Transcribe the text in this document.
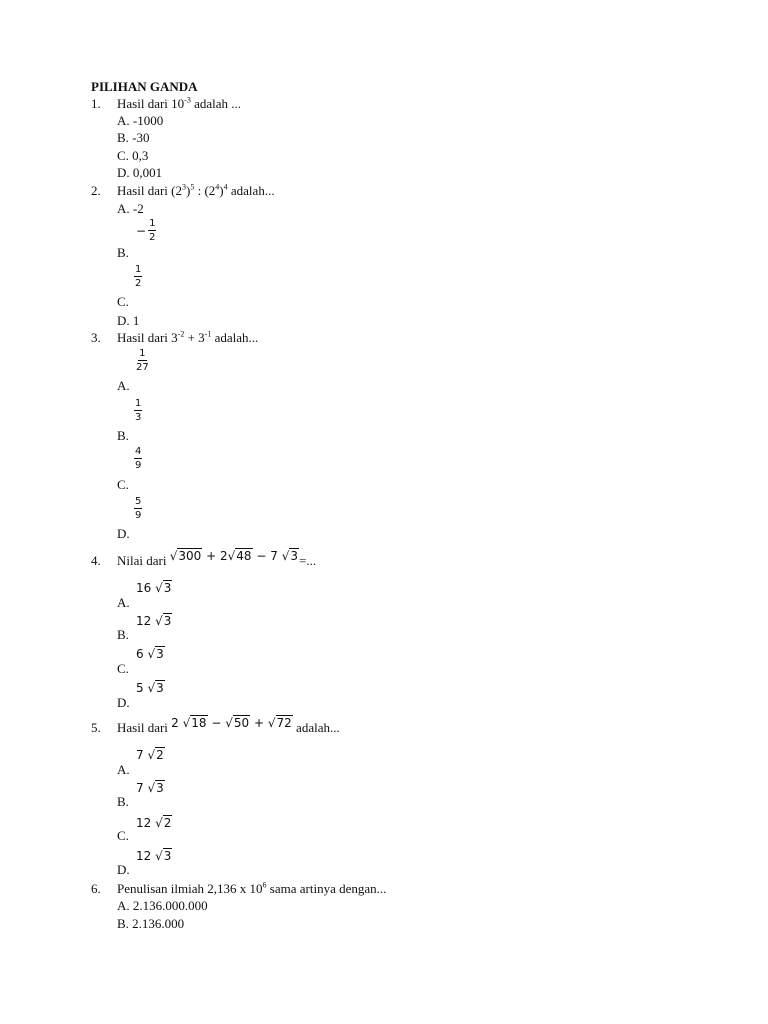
PILIHAN GANDA
1. Hasil dari $10^{-3}$ adalah ...
A. -1000
B. -30
C. 0,3
D. 0,001
2. Hasil dari $(2^3)^5$ : $(2^4)^4$ adalah...
A. -2
− $\frac{1}{2}$
B.
$\frac{1}{2}$
C.
D. 1
3. Hasil dari $3^{-2} + 3^{-1}$ adalah...
$\frac{1}{27}$
A.
$\frac{1}{3}$
B.
$\frac{4}{9}$
C.
$\frac{5}{9}$
D.
4. Nilai dari √300 + 2√48 − 7 √3=...
16 √3
A.
12 √3
B.
6 √3
C.
5 √3
D.
5. Hasil dari 2 √18 − √50 + √72 adalah...
7 √2
A.
7 √3
B.
12 √2
C.
12 √3
D.
6. Penulisan ilmiah 2,136 x $10^6$ sama artinya dengan...
A. 2.136.000.000
B. 2.136.000
